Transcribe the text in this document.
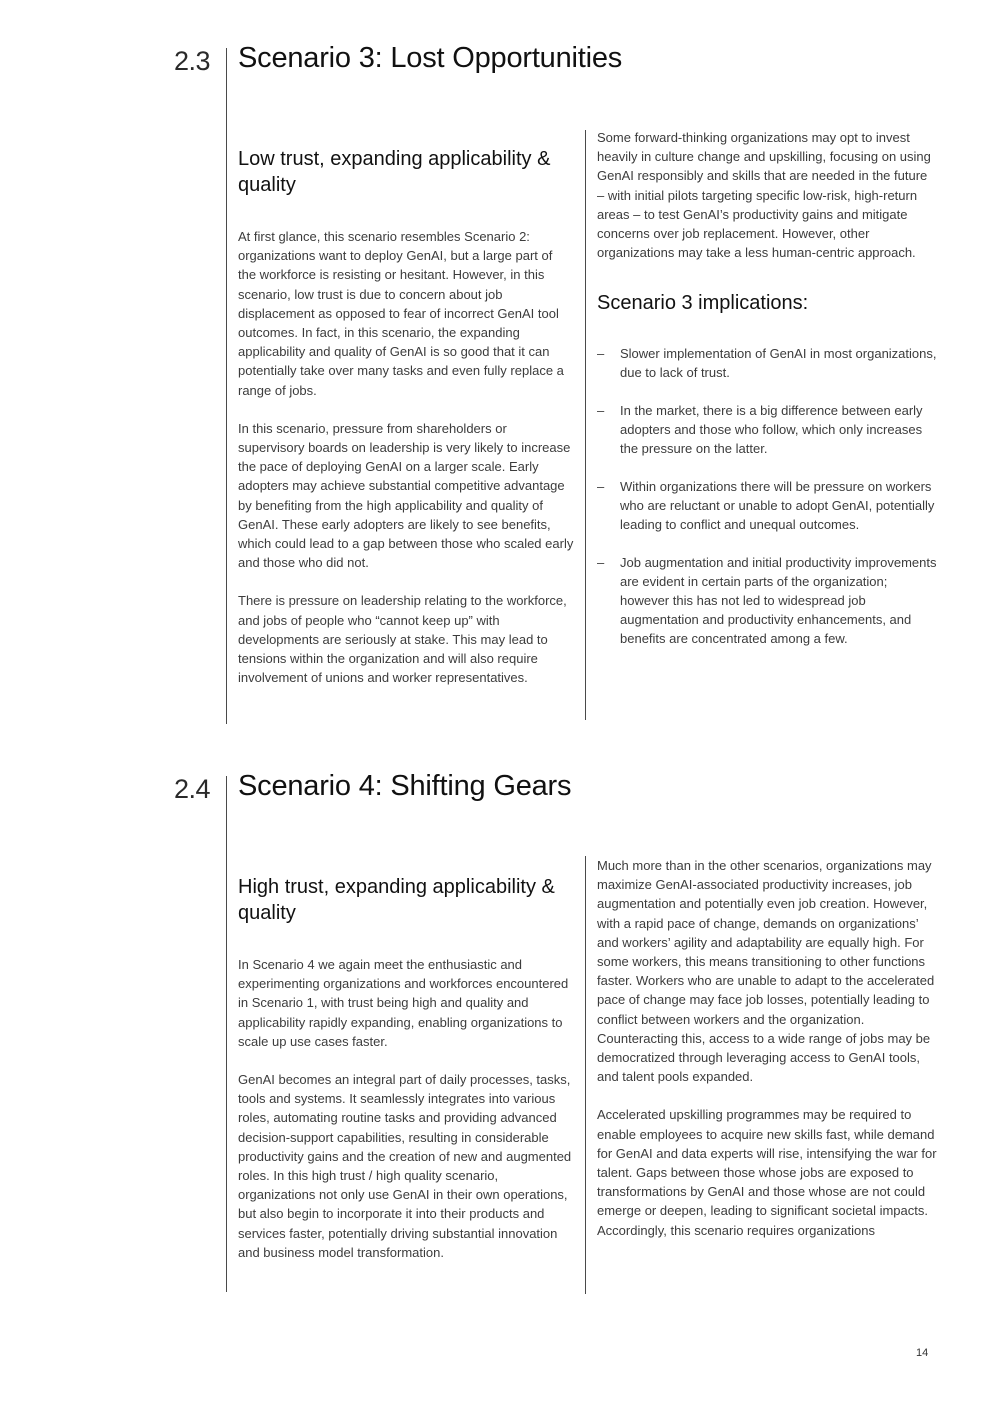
2.3 Scenario 3: Lost Opportunities
Low trust, expanding applicability & quality

At first glance, this scenario resembles Scenario 2: organizations want to deploy GenAI, but a large part of the workforce is resisting or hesitant. However, in this scenario, low trust is due to concern about job displacement as opposed to fear of incorrect GenAI tool outcomes. In fact, in this scenario, the expanding applicability and quality of GenAI is so good that it can potentially take over many tasks and even fully replace a range of jobs.

In this scenario, pressure from shareholders or supervisory boards on leadership is very likely to increase the pace of deploying GenAI on a larger scale. Early adopters may achieve substantial competitive advantage by benefiting from the high applicability and quality of GenAI. These early adopters are likely to see benefits, which could lead to a gap between those who scaled early and those who did not.

There is pressure on leadership relating to the workforce, and jobs of people who “cannot keep up” with developments are seriously at stake. This may lead to tensions within the organization and will also require involvement of unions and worker representatives.

Some forward-thinking organizations may opt to invest heavily in culture change and upskilling, focusing on using GenAI responsibly and skills that are needed in the future – with initial pilots targeting specific low-risk, high-return areas – to test GenAI’s productivity gains and mitigate concerns over job replacement. However, other organizations may take a less human-centric approach.

Scenario 3 implications:
– Slower implementation of GenAI in most organizations, due to lack of trust.
– In the market, there is a big difference between early adopters and those who follow, which only increases the pressure on the latter.
– Within organizations there will be pressure on workers who are reluctant or unable to adopt GenAI, potentially leading to conflict and unequal outcomes.
– Job augmentation and initial productivity improvements are evident in certain parts of the organization; however this has not led to widespread job augmentation and productivity enhancements, and benefits are concentrated among a few.
2.4 Scenario 4: Shifting Gears
High trust, expanding applicability & quality

In Scenario 4 we again meet the enthusiastic and experimenting organizations and workforces encountered in Scenario 1, with trust being high and quality and applicability rapidly expanding, enabling organizations to scale up use cases faster.

GenAI becomes an integral part of daily processes, tasks, tools and systems. It seamlessly integrates into various roles, automating routine tasks and providing advanced decision-support capabilities, resulting in considerable productivity gains and the creation of new and augmented roles. In this high trust / high quality scenario, organizations not only use GenAI in their own operations, but also begin to incorporate it into their products and services faster, potentially driving substantial innovation and business model transformation.

Much more than in the other scenarios, organizations may maximize GenAI-associated productivity increases, job augmentation and potentially even job creation. However, with a rapid pace of change, demands on organizations’ and workers’ agility and adaptability are equally high. For some workers, this means transitioning to other functions faster. Workers who are unable to adapt to the accelerated pace of change may face job losses, potentially leading to conflict between workers and the organization. Counteracting this, access to a wide range of jobs may be democratized through leveraging access to GenAI tools, and talent pools expanded.

Accelerated upskilling programmes may be required to enable employees to acquire new skills fast, while demand for GenAI and data experts will rise, intensifying the war for talent. Gaps between those whose jobs are exposed to transformations by GenAI and those whose are not could emerge or deepen, leading to significant societal impacts. Accordingly, this scenario requires organizations

14
